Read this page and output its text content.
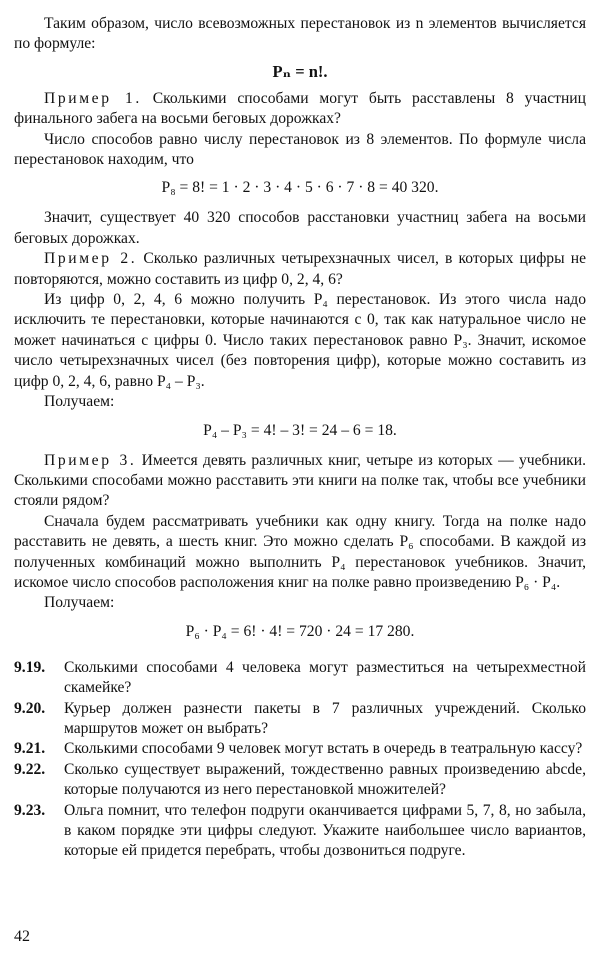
Таким образом, число всевозможных перестановок из n элементов вычисляется по формуле:

Pₙ = n!.

Пример 1. Сколькими способами могут быть расставлены 8 участниц финального забега на восьми беговых дорожках?

Число способов равно числу перестановок из 8 элементов. По формуле числа перестановок находим, что

P₈ = 8! = 1 · 2 · 3 · 4 · 5 · 6 · 7 · 8 = 40 320.

Значит, существует 40 320 способов расстановки участниц забега на восьми беговых дорожках.

Пример 2. Сколько различных четырехзначных чисел, в которых цифры не повторяются, можно составить из цифр 0, 2, 4, 6?

Из цифр 0, 2, 4, 6 можно получить P₄ перестановок. Из этого числа надо исключить те перестановки, которые начинаются с 0, так как натуральное число не может начинаться с цифры 0. Число таких перестановок равно P₃. Значит, искомое число четырехзначных чисел (без повторения цифр), которые можно составить из цифр 0, 2, 4, 6, равно P₄ – P₃.

Получаем:

P₄ – P₃ = 4! – 3! = 24 – 6 = 18.

Пример 3. Имеется девять различных книг, четыре из которых — учебники. Сколькими способами можно расставить эти книги на полке так, чтобы все учебники стояли рядом?

Сначала будем рассматривать учебники как одну книгу. Тогда на полке надо расставить не девять, а шесть книг. Это можно сделать P₆ способами. В каждой из полученных комбинаций можно выполнить P₄ перестановок учебников. Значит, искомое число способов расположения книг на полке равно произведению P₆ · P₄.

Получаем:

P₆ · P₄ = 6! · 4! = 720 · 24 = 17 280.
9.19.	Сколькими способами 4 человека могут разместиться на четырехместной скамейке?
9.20.	Курьер должен разнести пакеты в 7 различных учреждений. Сколько маршрутов может он выбрать?
9.21.	Сколькими способами 9 человек могут встать в очередь в театральную кассу?
9.22.	Сколько существует выражений, тождественно равных произведению abcde, которые получаются из него перестановкой множителей?
9.23.	Ольга помнит, что телефон подруги оканчивается цифрами 5, 7, 8, но забыла, в каком порядке эти цифры следуют. Укажите наибольшее число вариантов, которые ей придется перебрать, чтобы дозвониться подруге.
42
